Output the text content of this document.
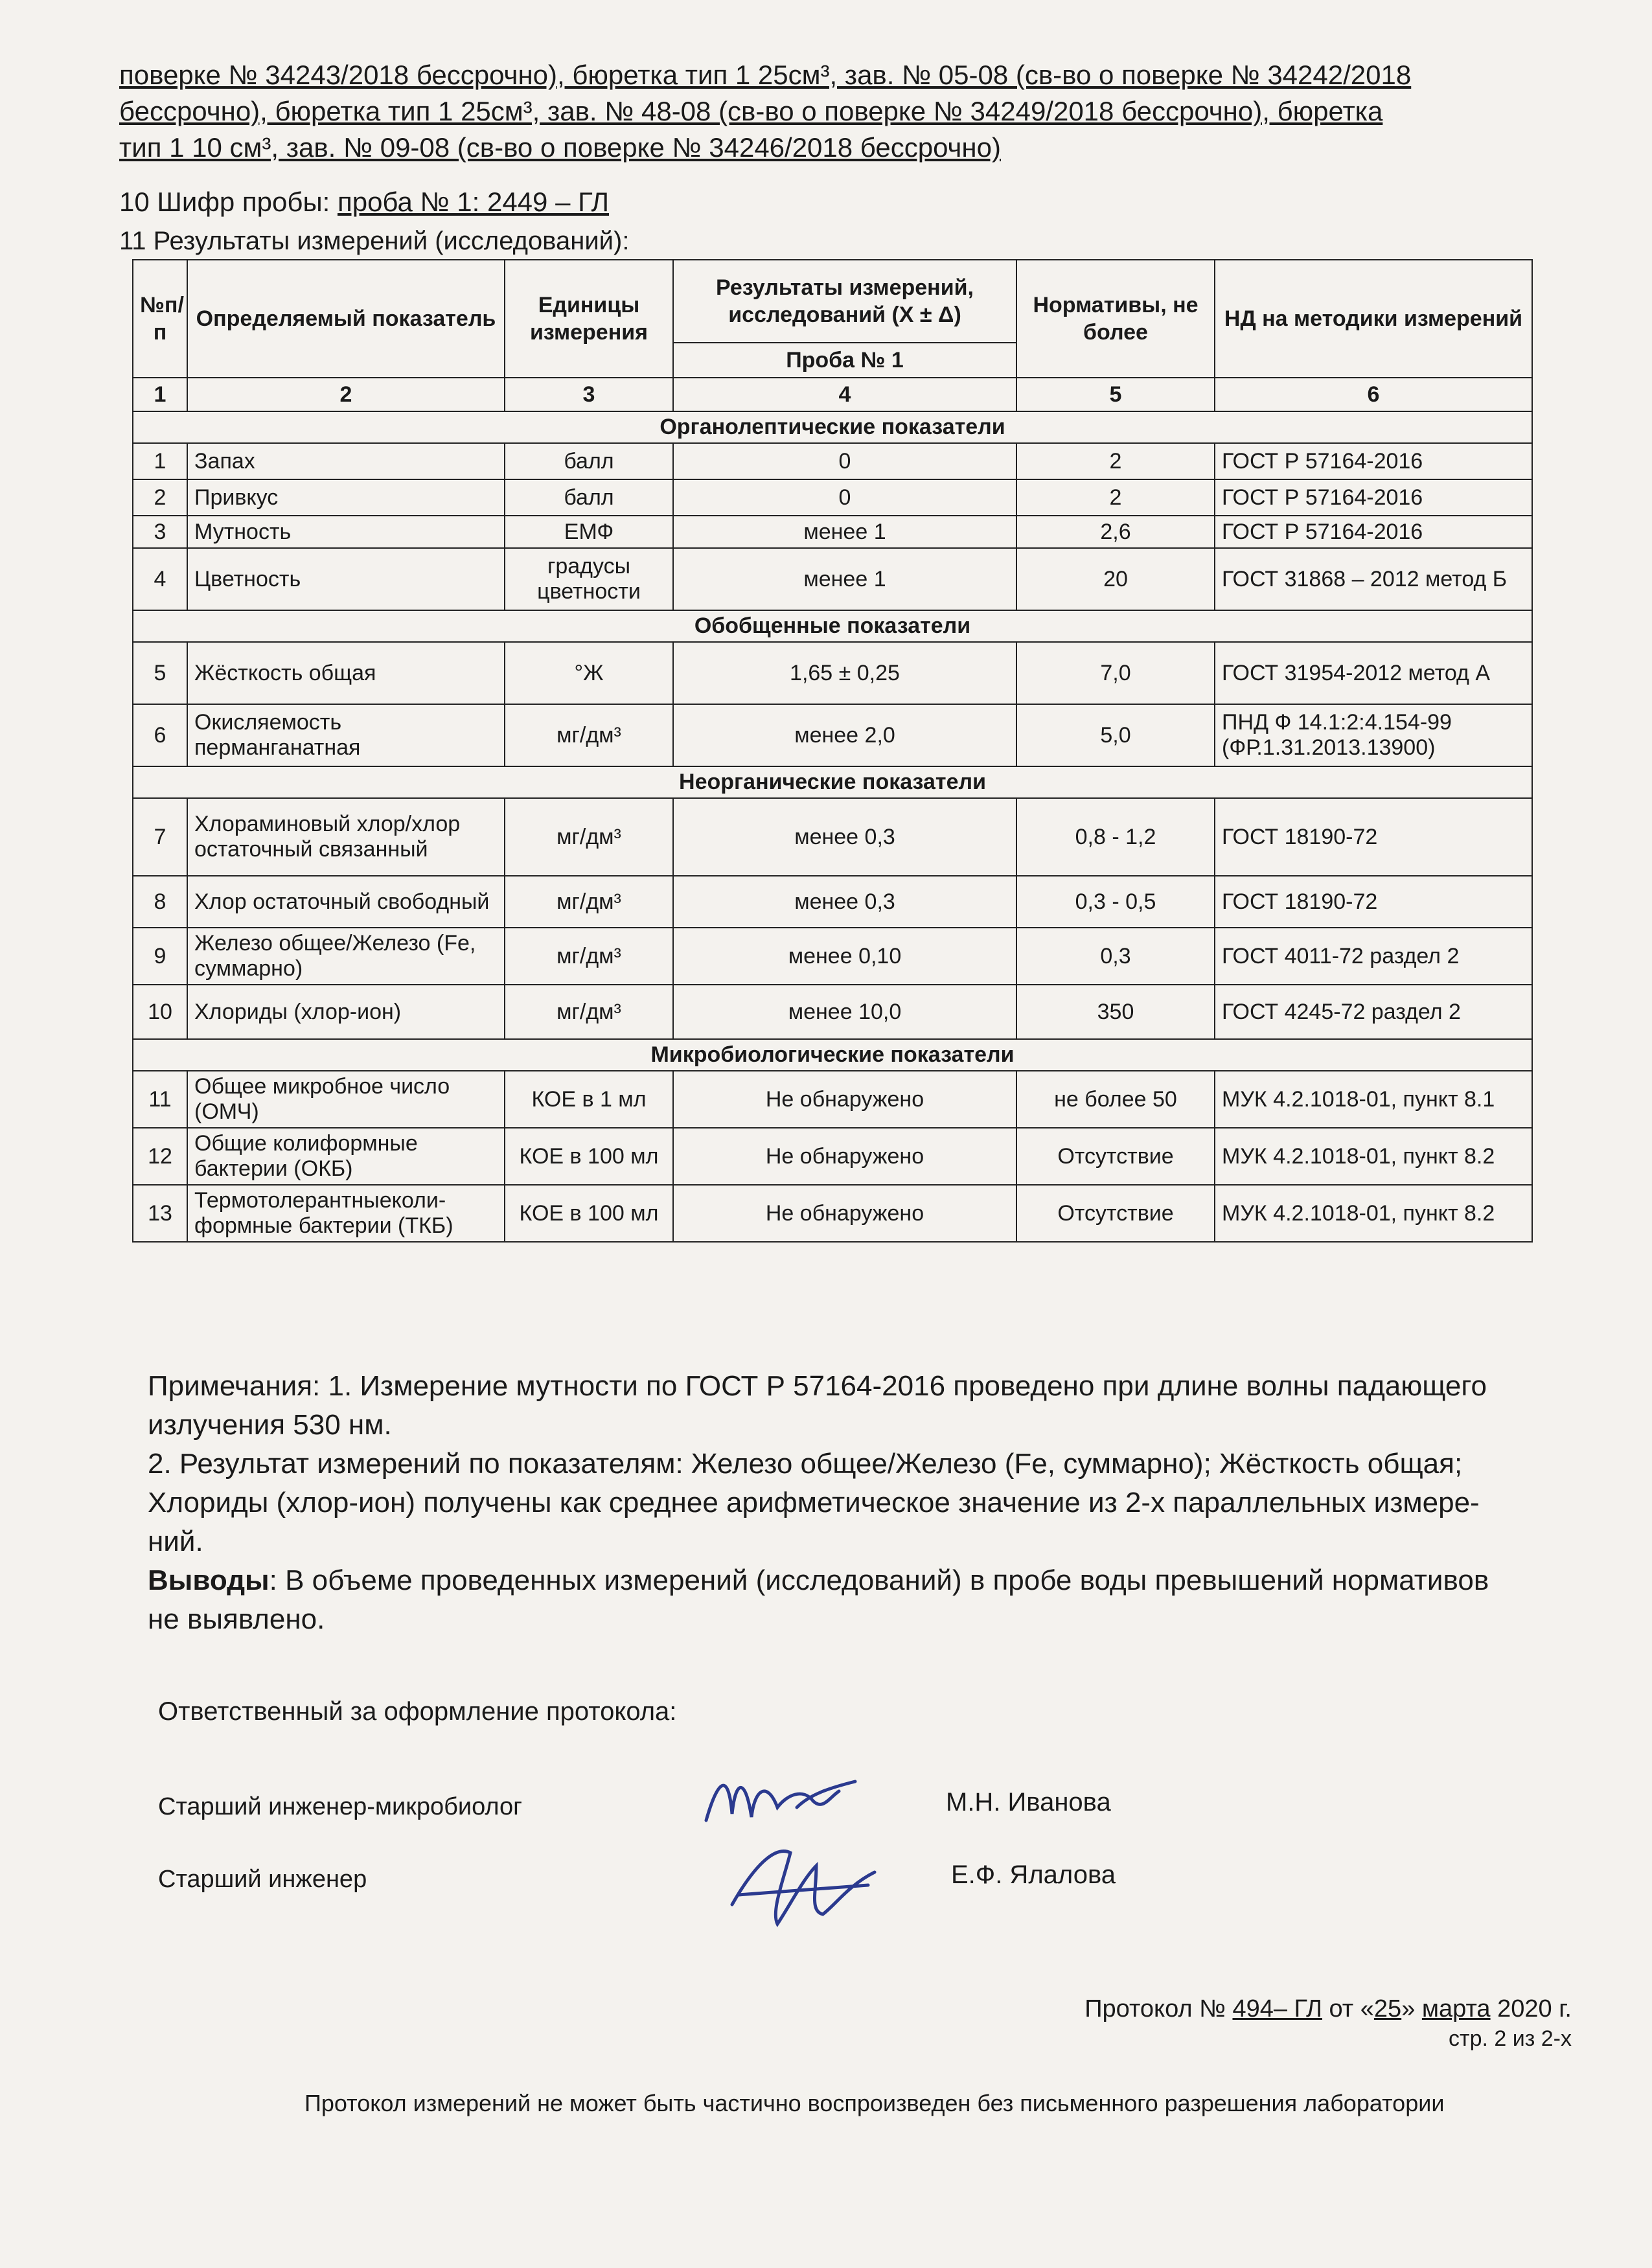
поверке № 34243/2018 бессрочно), бюретка тип 1 25см³, зав. № 05-08 (св-во о поверке № 34242/2018
бессрочно), бюретка тип 1 25см³, зав. № 48-08 (св-во о поверке № 34249/2018 бессрочно), бюретка
тип 1 10 см³, зав. № 09-08 (св-во о поверке № 34246/2018 бессрочно)
10 Шифр пробы: проба № 1: 2449 – ГЛ
11 Результаты измерений (исследований):
№п/п	Определяемый показатель	Единицы измерения	Результаты измерений, исследований (X ± Δ)	Нормативы, не более	НД на методики измерений
			Проба № 1		
1	2	3	4	5	6
Органолептические показатели					
1	Запах	балл	0	2	ГОСТ Р 57164-2016
2	Привкус	балл	0	2	ГОСТ Р 57164-2016
3	Мутность	ЕМФ	менее 1	2,6	ГОСТ Р 57164-2016
4	Цветность	градусы цветности	менее 1	20	ГОСТ 31868 – 2012 метод Б
Обобщенные показатели					
5	Жёсткость общая	°Ж	1,65 ± 0,25	7,0	ГОСТ 31954-2012 метод А
6	Окисляемость перманганатная	мг/дм³	менее 2,0	5,0	ПНД Ф 14.1:2:4.154-99 (ФР.1.31.2013.13900)
Неорганические показатели					
7	Хлораминовый хлор/хлор остаточный связанный	мг/дм³	менее 0,3	0,8 - 1,2	ГОСТ 18190-72
8	Хлор остаточный свободный	мг/дм³	менее 0,3	0,3 - 0,5	ГОСТ 18190-72
9	Железо общее/Железо (Fe, суммарно)	мг/дм³	менее 0,10	0,3	ГОСТ 4011-72 раздел 2
10	Хлориды (хлор-ион)	мг/дм³	менее 10,0	350	ГОСТ 4245-72 раздел 2
Микробиологические показатели					
11	Общее микробное число (ОМЧ)	КОЕ в 1 мл	Не обнаружено	не более 50	МУК 4.2.1018-01, пункт 8.1
12	Общие колиформные бактерии (ОКБ)	КОЕ в 100 мл	Не обнаружено	Отсутствие	МУК 4.2.1018-01, пункт 8.2
13	Термотолерантныеколи-формные бактерии (ТКБ)	КОЕ в 100 мл	Не обнаружено	Отсутствие	МУК 4.2.1018-01, пункт 8.2

Примечания: 1. Измерение мутности по ГОСТ Р 57164-2016 проведено при длине волны падающего излучения 530 нм.

2. Результат измерений по показателям: Железо общее/Железо (Fe, суммарно); Жёсткость общая; Хлориды (хлор-ион) получены как среднее арифметическое значение из 2-х параллельных измере-ний.

Выводы: В объеме проведенных измерений (исследований) в пробе воды превышений нормативов не выявлено.

Ответственный за оформление протокола:
Старший инженер-микробиолог	М.Н. Иванова
Старший инженер	Е.Ф. Ялалова
Протокол № 494– ГЛ от «25» марта 2020 г.
стр. 2 из 2-х
Протокол измерений не может быть частично воспроизведен без письменного разрешения лаборатории
